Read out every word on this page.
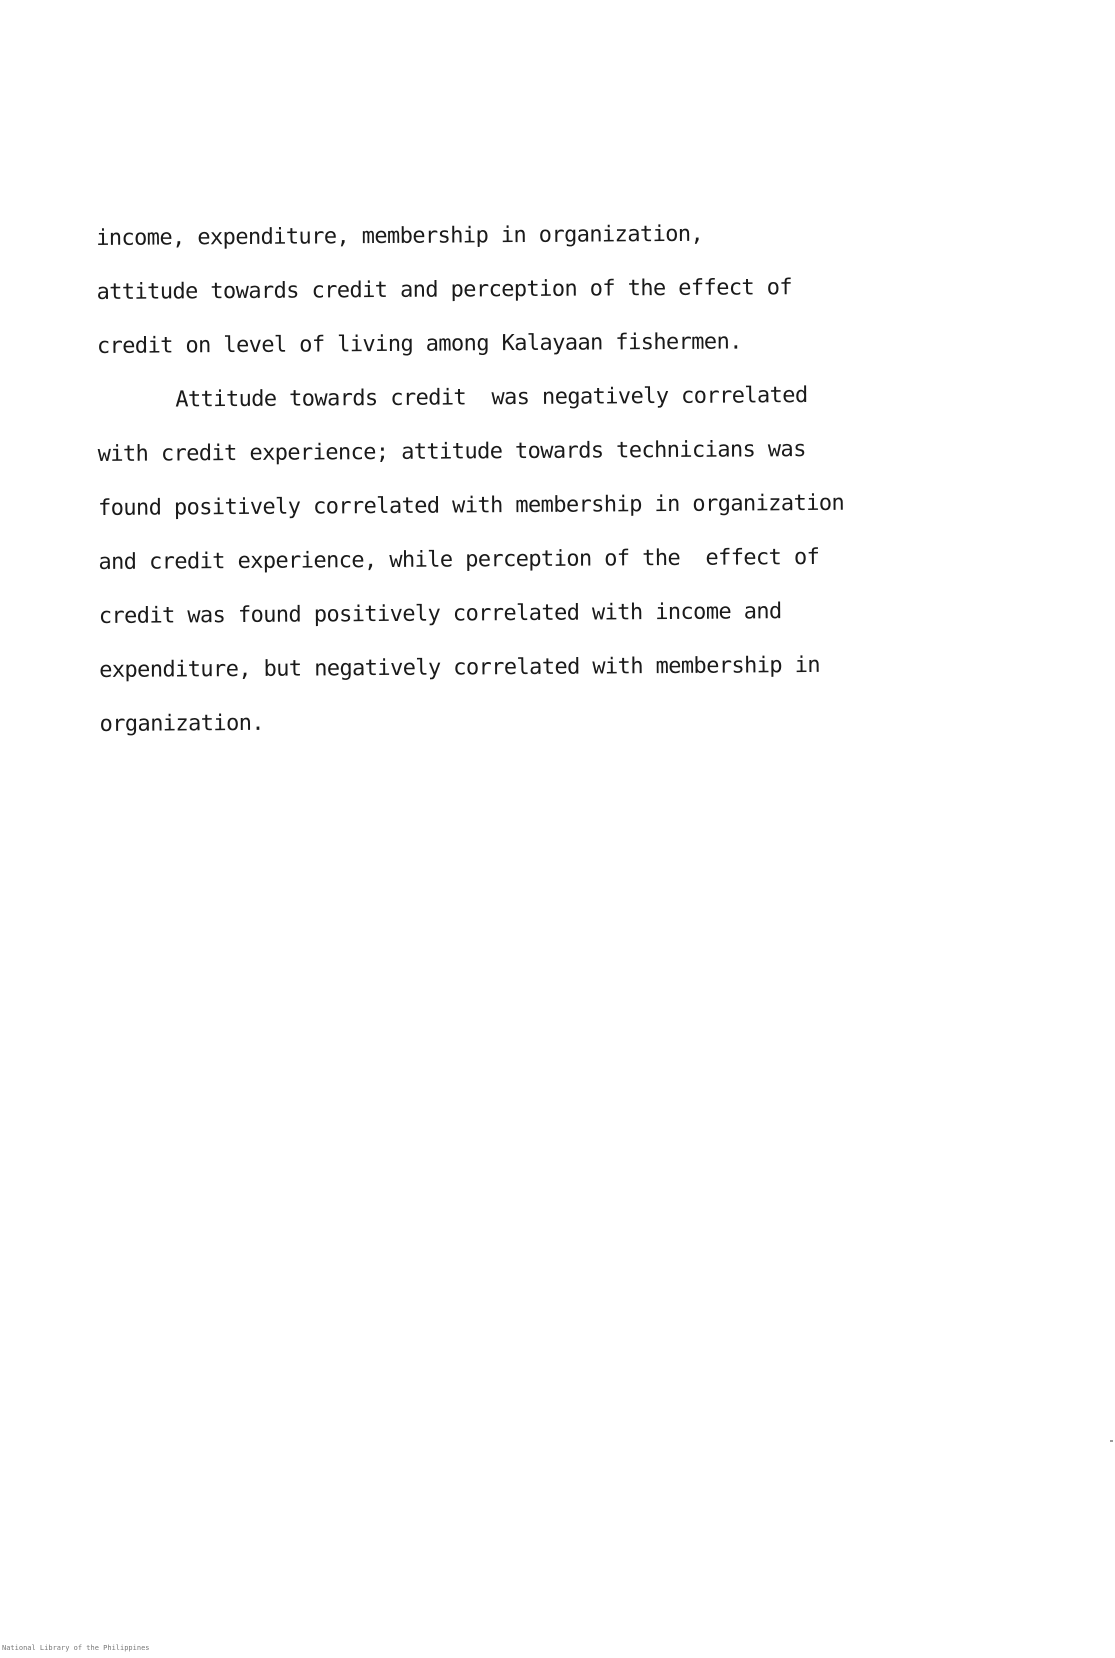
income, expenditure, membership in organization,
attitude towards credit and perception of the effect of
credit on level of living among Kalayaan fishermen.
Attitude towards credit  was negatively correlated
with credit experience; attitude towards technicians was
found positively correlated with membership in organization
and credit experience, while perception of the  effect of
credit was found positively correlated with income and
expenditure, but negatively correlated with membership in
organization.
National Library of the Philippines
